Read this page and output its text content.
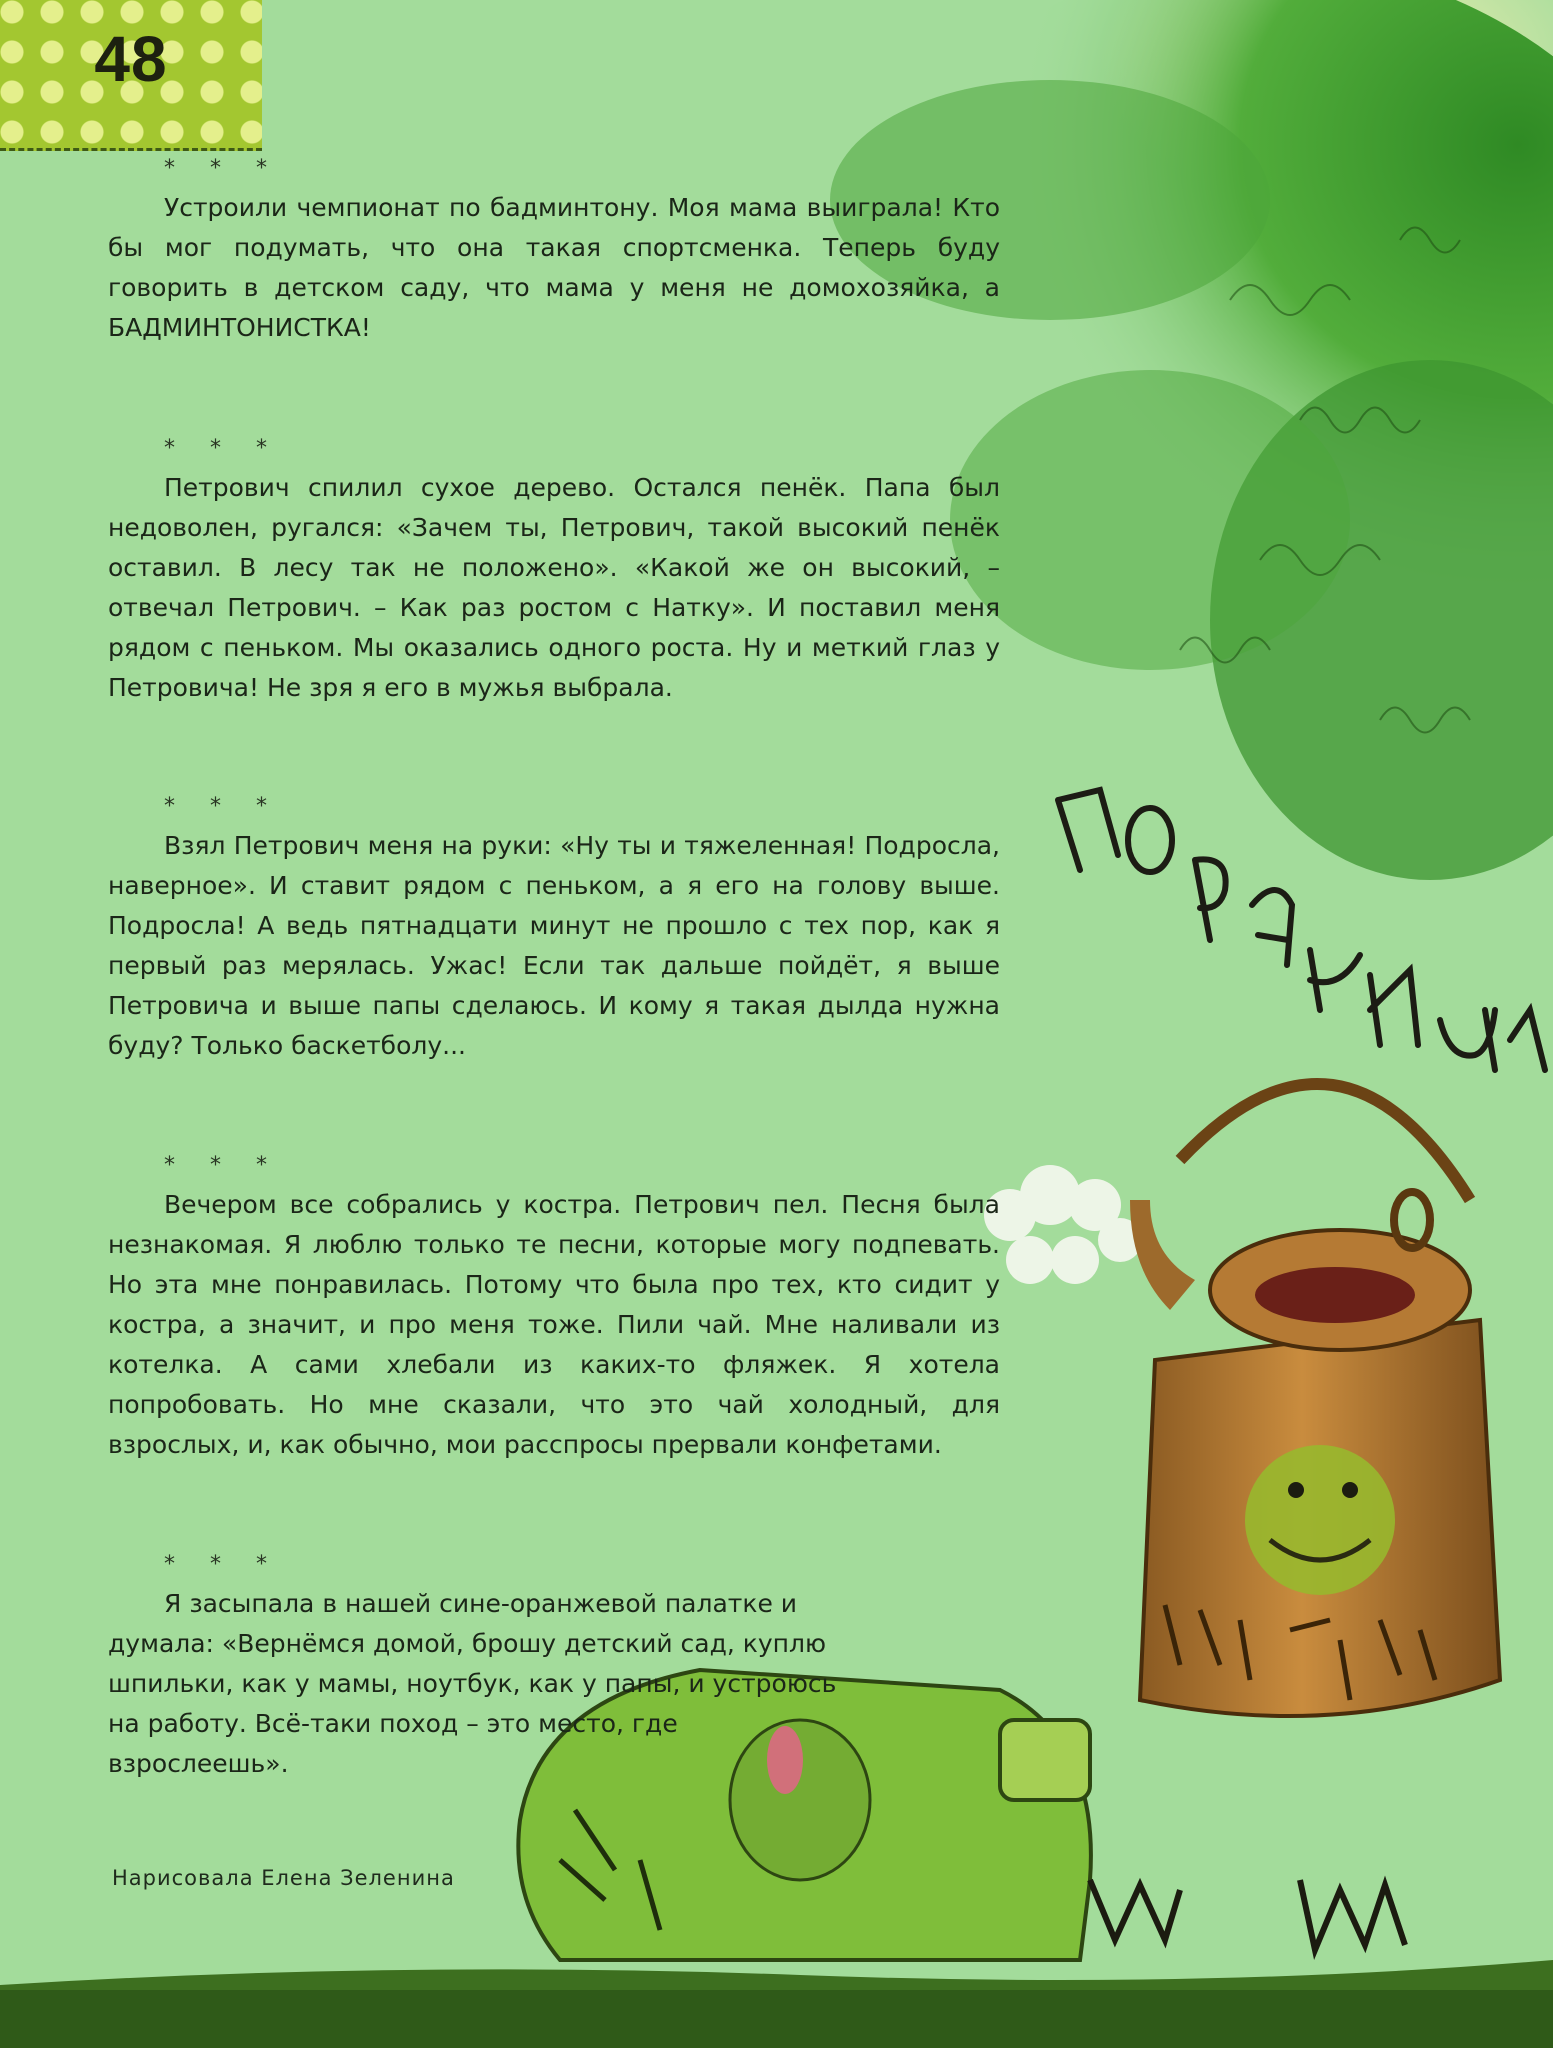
48
* * *

Устроили чемпионат по бадминтону. Моя мама выиграла! Кто бы мог подумать, что она такая спортсменка. Теперь буду говорить в детском саду, что мама у меня не домохозяйка, а БАДМИНТОНИСТКА!

* * *

Петрович спилил сухое дерево. Остался пенёк. Папа был недоволен, ругался: «Зачем ты, Петрович, такой высокий пенёк оставил. В лесу так не положено». «Какой же он высокий, – отвечал Петрович. – Как раз ростом с Натку». И поставил меня рядом с пеньком. Мы оказались одного роста. Ну и меткий глаз у Петровича! Не зря я его в мужья выбрала.

* * *

Взял Петрович меня на руки: «Ну ты и тяжеленная! Подросла, наверное». И ставит рядом с пеньком, а я его на голову выше. Подросла! А ведь пятнадцати минут не прошло с тех пор, как я первый раз мерялась. Ужас! Если так дальше пойдёт, я выше Петровича и выше папы сделаюсь. И кому я такая дылда нужна буду? Только баскетболу...

* * *

Вечером все собрались у костра. Петрович пел. Песня была незнакомая. Я люблю только те песни, которые могу подпевать. Но эта мне понравилась. Потому что была про тех, кто сидит у костра, а значит, и про меня тоже. Пили чай. Мне наливали из котелка. А сами хлебали из каких-то фляжек. Я хотела попробовать. Но мне сказали, что это чай холодный, для взрослых, и, как обычно, мои расспросы прервали конфетами.

* * *

Я засыпала в нашей сине-оранжевой палатке и думала: «Вернёмся домой, брошу детский сад, куплю шпильки, как у мамы, ноутбук, как у папы, и устроюсь на работу. Всё-таки поход – это место, где взрослеешь».

Нарисовала Елена Зеленина
